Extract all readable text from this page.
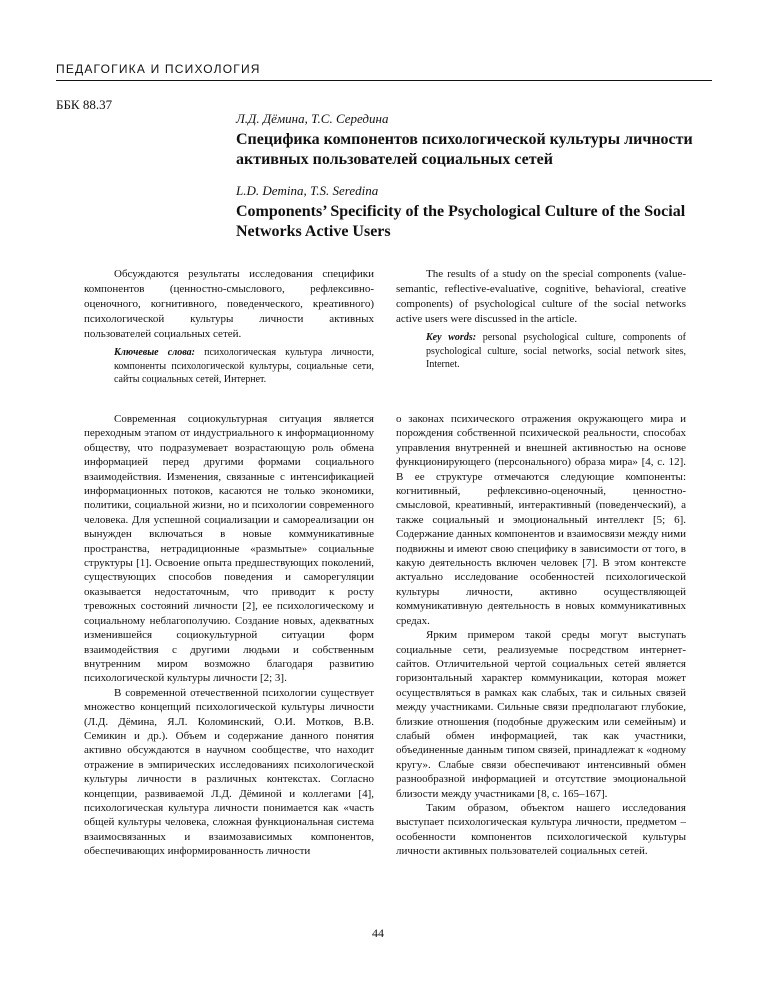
ПЕДАГОГИКА И ПСИХОЛОГИЯ
ББК 88.37
Л.Д. Дёмина, Т.С. Середина
Специфика компонентов психологической культуры личности активных пользователей социальных сетей
L.D. Demina, T.S. Seredina
Components’ Specificity of the Psychological Culture of the Social Networks Active Users

Обсуждаются результаты исследования специфики компонентов (ценностно-смыслового, рефлексивно-оценочного, когнитивного, поведенческого, креативного) психологической культуры личности активных пользователей социальных сетей.

Ключевые слова: психологическая культура личности, компоненты психологической культуры, социальные сети, сайты социальных сетей, Интернет.

The results of a study on the special components (value-semantic, reflective-evaluative, cognitive, behavioral, creative components) of psychological culture of the social networks active users were discussed in the article.

Key words: personal psychological culture, components of psychological culture, social networks, social network sites, Internet.

Современная социокультурная ситуация является переходным этапом от индустриального к информационному обществу, что подразумевает возрастающую роль обмена информацией перед другими формами социального взаимодействия. Изменения, связанные с интенсификацией информационных потоков, касаются не только экономики, политики, социальной жизни, но и психологии современного человека. Для успешной социализации и самореализации он вынужден включаться в новые коммуникативные пространства, нетрадиционные «размытые» социальные структуры [1]. Освоение опыта предшествующих поколений, существующих способов поведения и саморегуляции оказывается недостаточным, что приводит к росту тревожных состояний личности [2], ее психологическому и социальному неблагополучию. Создание новых, адекватных изменившейся социокультурной ситуации форм взаимодействия с другими людьми и собственным внутренним миром возможно благодаря развитию психологической культуры личности [2; 3].

В современной отечественной психологии существует множество концепций психологической культуры личности (Л.Д. Дёмина, Я.Л. Коломинский, О.И. Мотков, В.В. Семикин и др.). Объем и содержание данного понятия активно обсуждаются в научном сообществе, что находит отражение в эмпирических исследованиях психологической культуры личности в различных контекстах. Согласно концепции, развиваемой Л.Д. Дёминой и коллегами [4], психологическая культура личности понимается как «часть общей культуры человека, сложная функциональная система взаимосвязанных и взаимозависимых компонентов, обеспечивающих информированность личности

о законах психического отражения окружающего мира и порождения собственной психической реальности, способах управления внутренней и внешней активностью на основе функционирующего (персонального) образа мира» [4, с. 12]. В ее структуре отмечаются следующие компоненты: когнитивный, рефлексивно-оценочный, ценностно-смысловой, креативный, интерактивный (поведенческий), а также социальный и эмоциональный интеллект [5; 6]. Содержание данных компонентов и взаимосвязи между ними подвижны и имеют свою специфику в зависимости от того, в какую деятельность включен человек [7]. В этом контексте актуально исследование особенностей психологической культуры личности, активно осуществляющей коммуникативную деятельность в новых коммуникативных средах.

Ярким примером такой среды могут выступать социальные сети, реализуемые посредством интернет-сайтов. Отличительной чертой социальных сетей является горизонтальный характер коммуникации, которая может осуществляться в рамках как слабых, так и сильных связей между участниками. Сильные связи предполагают глубокие, близкие отношения (подобные дружеским или семейным) и слабый обмен информацией, так как участники, объединенные данным типом связей, принадлежат к «одному кругу». Слабые связи обеспечивают интенсивный обмен разнообразной информацией и отсутствие эмоциональной близости между участниками [8, с. 165–167].

Таким образом, объектом нашего исследования выступает психологическая культура личности, предметом – особенности компонентов психологической культуры личности активных пользователей социальных сетей.

44
